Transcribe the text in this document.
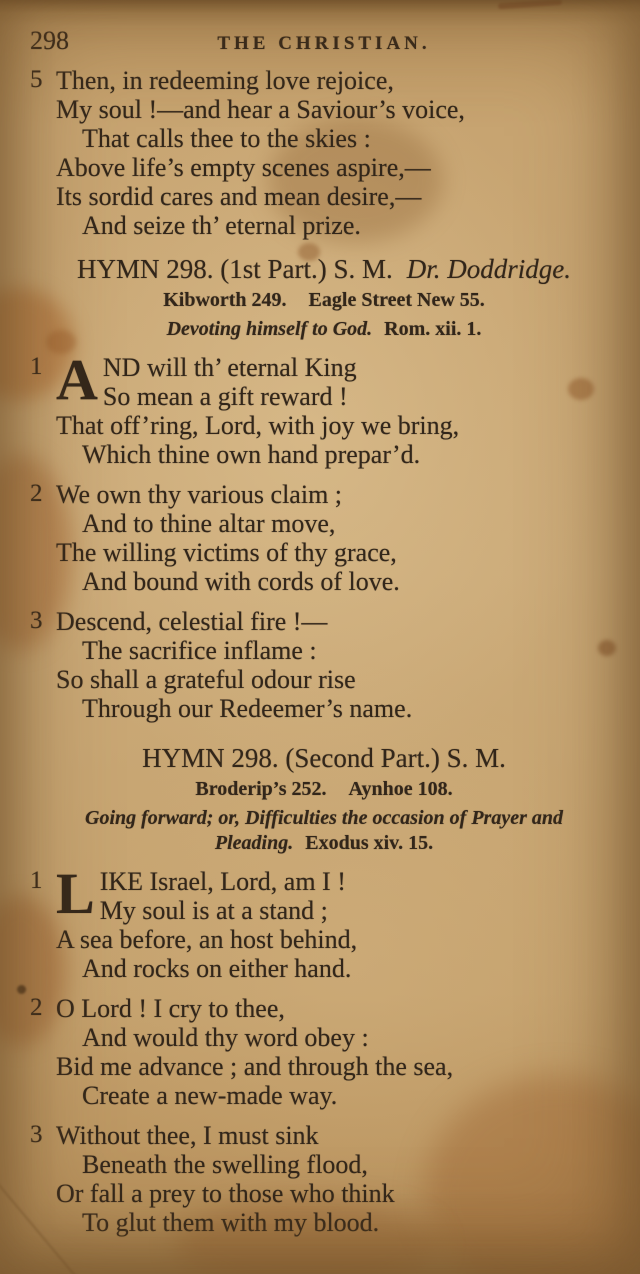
298	THE CHRISTIAN.
5 Then, in redeeming love rejoice,
My soul !—and hear a Saviour’s voice,
That calls thee to the skies :
Above life’s empty scenes aspire,—
Its sordid cares and mean desire,—
And seize th’ eternal prize.
HYMN 298. (1st Part.) S. M. Dr. Doddridge.
Kibworth 249. Eagle Street New 55.
Devoting himself to God. Rom. xii. 1.
1 A ND will th’ eternal King
So mean a gift reward !
That off’ring, Lord, with joy we bring,
Which thine own hand prepar’d.
2 We own thy various claim ;
And to thine altar move,
The willing victims of thy grace,
And bound with cords of love.
3 Descend, celestial fire !—
The sacrifice inflame :
So shall a grateful odour rise
Through our Redeemer’s name.
HYMN 298. (Second Part.) S. M.
Broderip’s 252. Aynhoe 108.
Going forward; or, Difficulties the occasion of Prayer and
Pleading. Exodus xiv. 15.
1 L IKE Israel, Lord, am I !
My soul is at a stand ;
A sea before, an host behind,
And rocks on either hand.
2 O Lord ! I cry to thee,
And would thy word obey :
Bid me advance ; and through the sea,
Create a new-made way.
3 Without thee, I must sink
Beneath the swelling flood,
Or fall a prey to those who think
To glut them with my blood.
